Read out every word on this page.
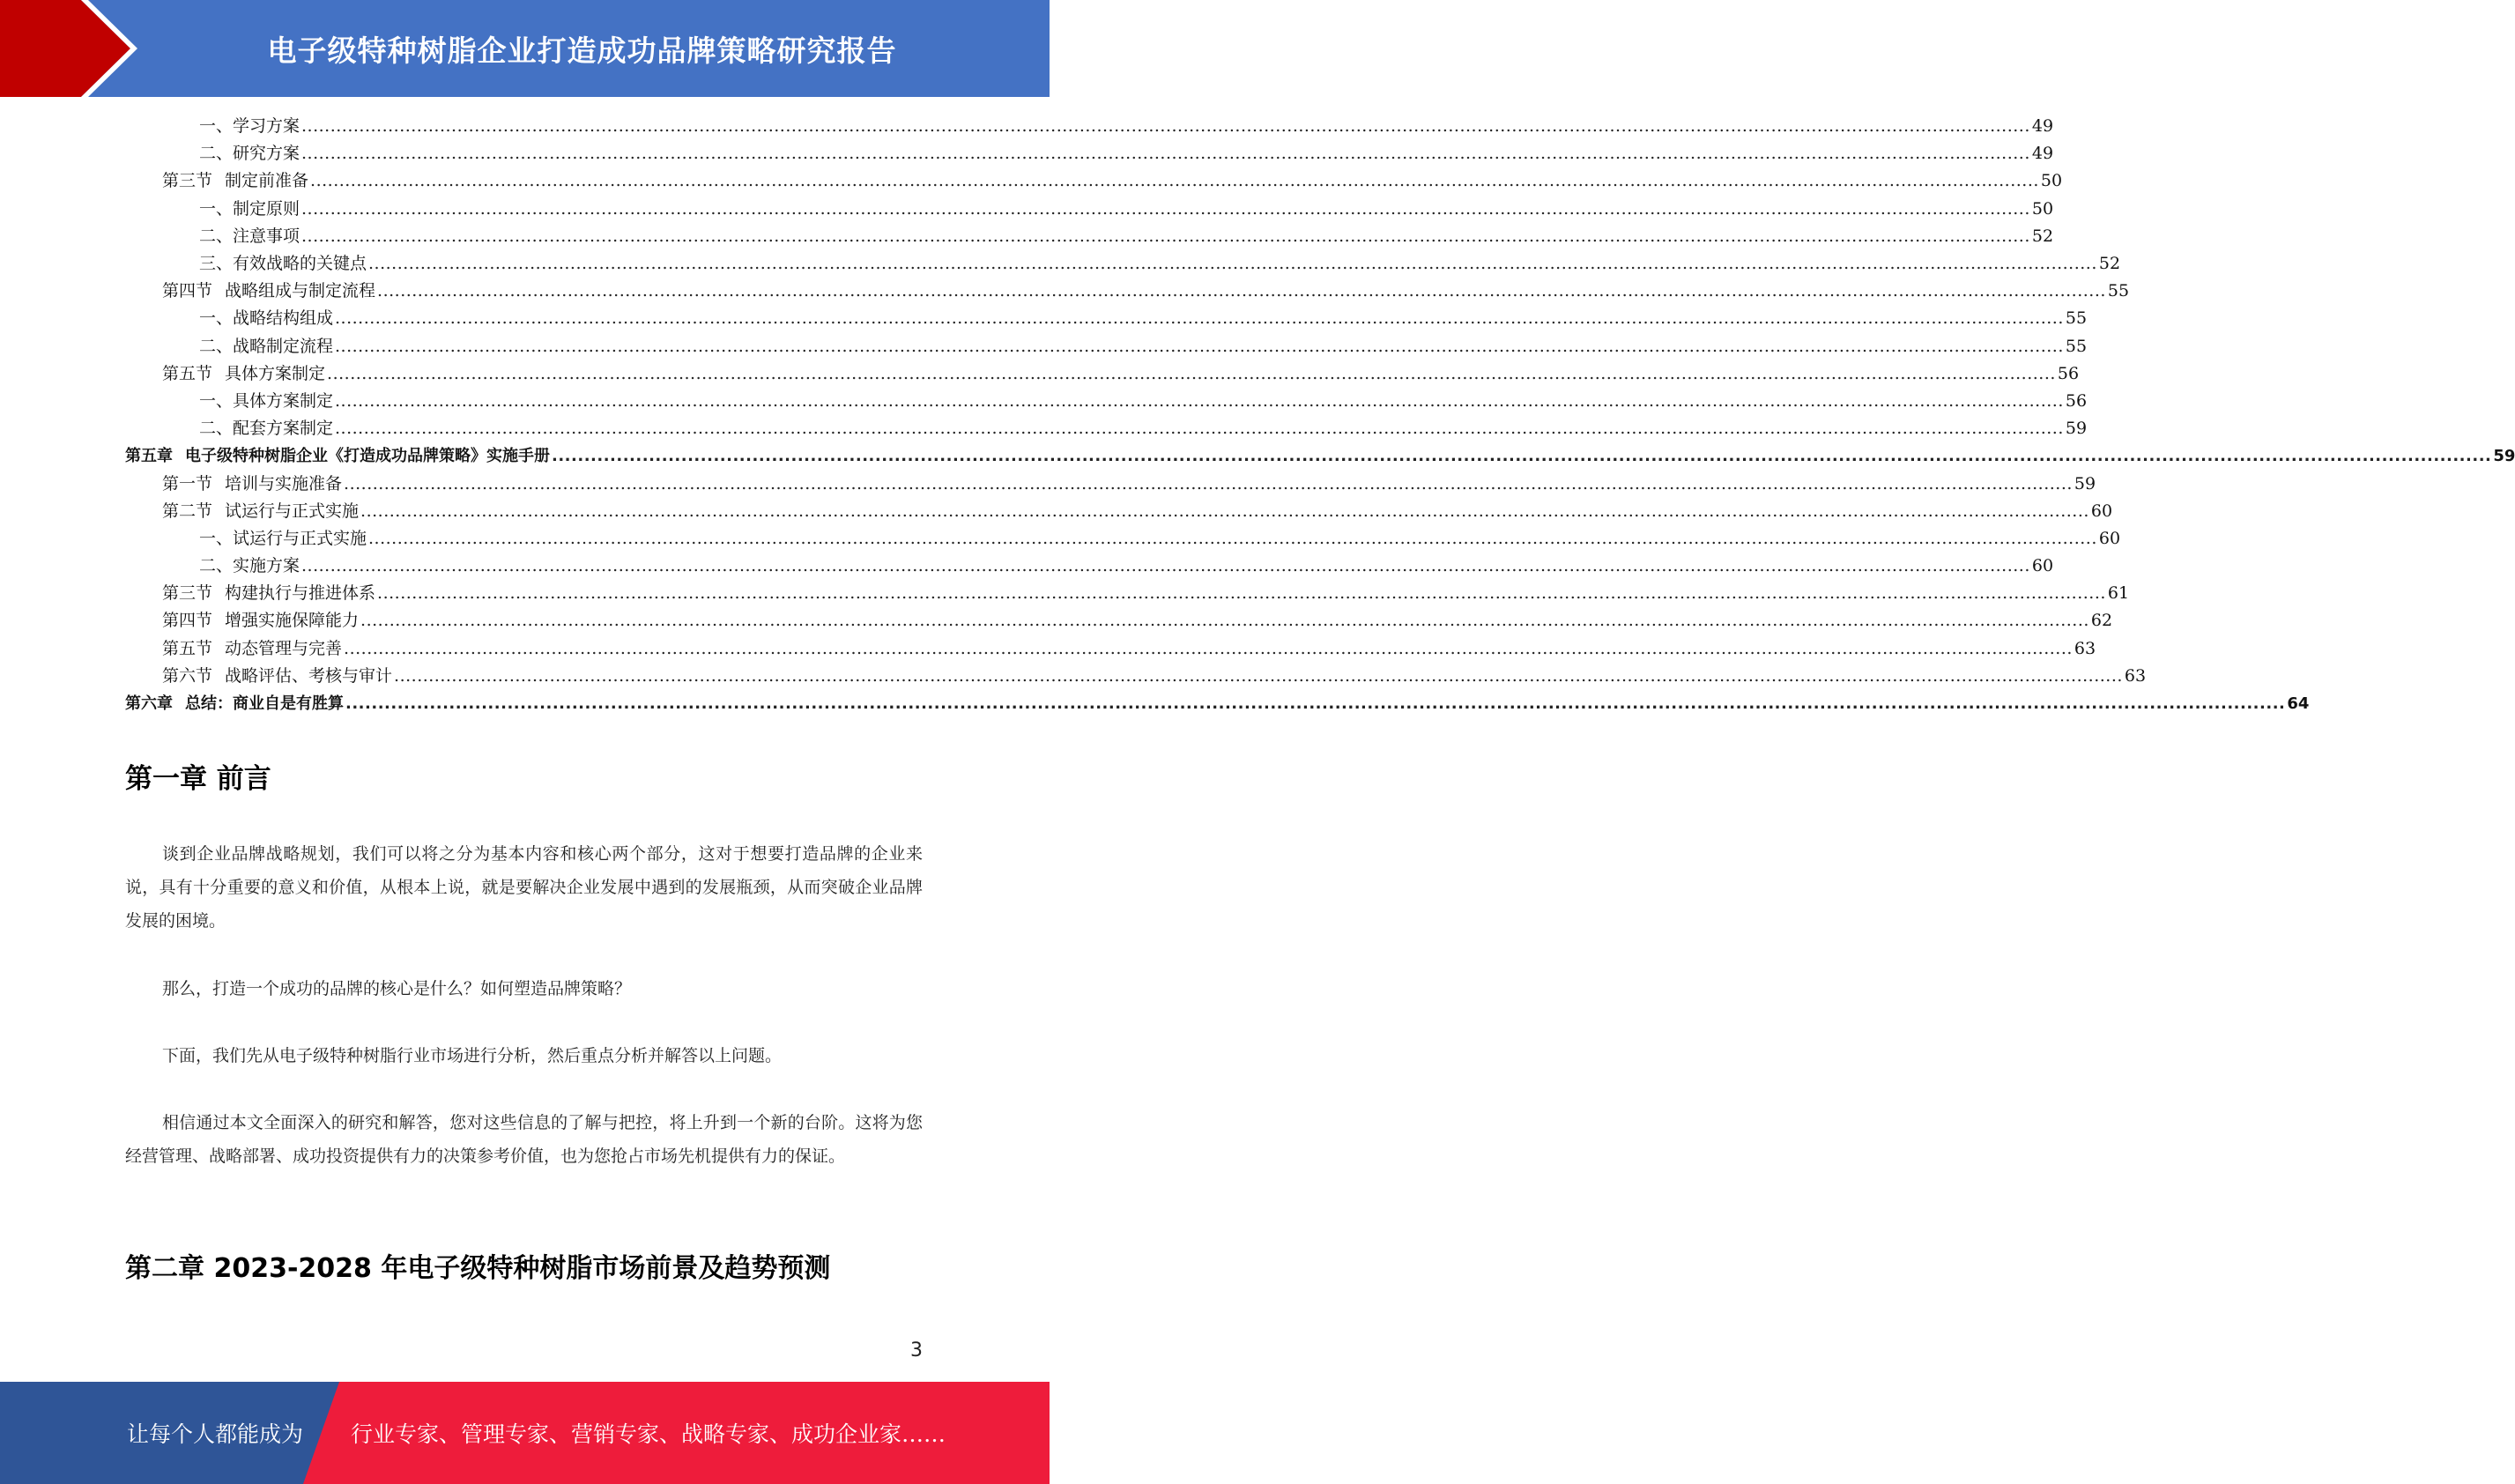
电子级特种树脂企业打造成功品牌策略研究报告
一、学习方案 ............................................................................................................................................................................................................................................................................................................ 49
二、研究方案 ............................................................................................................................................................................................................................................................................................................ 49
第三节 制定前准备 ............................................................................................................................................................................................................................................................................................................ 50
一、制定原则 ............................................................................................................................................................................................................................................................................................................ 50
二、注意事项 ............................................................................................................................................................................................................................................................................................................ 52
三、有效战略的关键点 ............................................................................................................................................................................................................................................................................................................ 52
第四节 战略组成与制定流程 ............................................................................................................................................................................................................................................................................................................ 55
一、战略结构组成 ............................................................................................................................................................................................................................................................................................................ 55
二、战略制定流程 ............................................................................................................................................................................................................................................................................................................ 55
第五节 具体方案制定 ............................................................................................................................................................................................................................................................................................................ 56
一、具体方案制定 ............................................................................................................................................................................................................................................................................................................ 56
二、配套方案制定 ............................................................................................................................................................................................................................................................................................................ 59
第五章 电子级特种树脂企业《打造成功品牌策略》实施手册 ............................................................................................................................................................................................................................................................................................................ 59
第一节 培训与实施准备 ............................................................................................................................................................................................................................................................................................................ 59
第二节 试运行与正式实施 ............................................................................................................................................................................................................................................................................................................ 60
一、试运行与正式实施 ............................................................................................................................................................................................................................................................................................................ 60
二、实施方案 ............................................................................................................................................................................................................................................................................................................ 60
第三节 构建执行与推进体系 ............................................................................................................................................................................................................................................................................................................ 61
第四节 增强实施保障能力 ............................................................................................................................................................................................................................................................................................................ 62
第五节 动态管理与完善 ............................................................................................................................................................................................................................................................................................................ 63
第六节 战略评估、考核与审计 ............................................................................................................................................................................................................................................................................................................ 63
第六章 总结：商业自是有胜算 ............................................................................................................................................................................................................................................................................................................ 64
第一章 前言
谈到企业品牌战略规划，我们可以将之分为基本内容和核心两个部分，这对于想要打造品牌的企业来说，具有十分重要的意义和价值，从根本上说，就是要解决企业发展中遇到的发展瓶颈，从而突破企业品牌发展的困境。
那么，打造一个成功的品牌的核心是什么？如何塑造品牌策略？
下面，我们先从电子级特种树脂行业市场进行分析，然后重点分析并解答以上问题。
相信通过本文全面深入的研究和解答，您对这些信息的了解与把控，将上升到一个新的台阶。这将为您经营管理、战略部署、成功投资提供有力的决策参考价值，也为您抢占市场先机提供有力的保证。
第二章 2023-2028 年电子级特种树脂市场前景及趋势预测
3
让每个人都能成为 行业专家、管理专家、营销专家、战略专家、成功企业家……
